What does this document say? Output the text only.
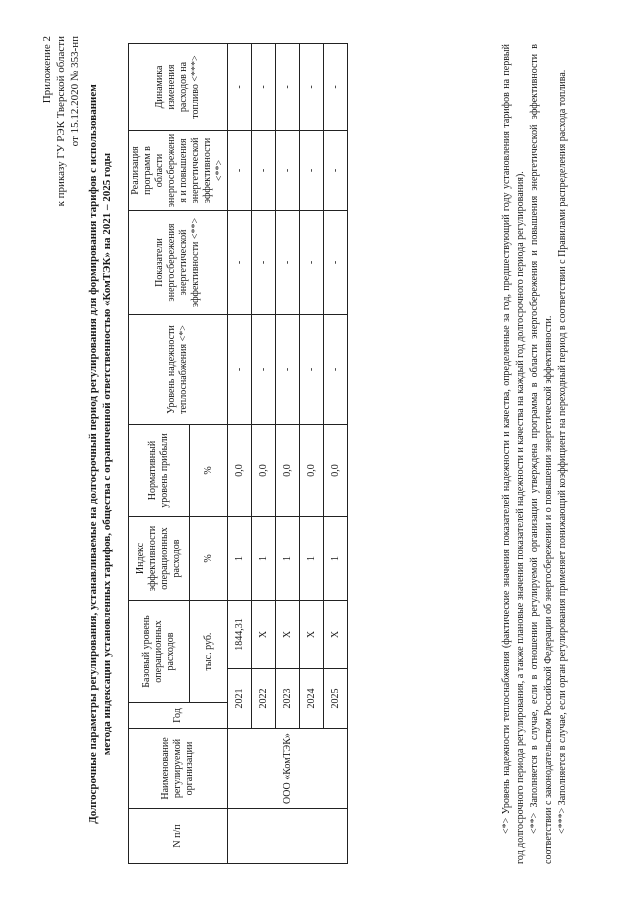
Приложение 2 к приказу ГУ РЭК Тверской области от 15.12.2020 № 353-нп Долгосрочные параметры регулирования, устанавливаемые на долгосрочный период регулирования для формирования тарифов с использованием метода индексации установленных тарифов, общества с ограниченной ответственностью «КомТЭК» на 2021 – 2025 годы
N п/п	Наименование регулируемой организации	Год	Базовый уровень операционных расходов		Индекс эффективности операционных расходов	Нормативный уровень прибыли	Уровень надежности теплоснабжения <*>	Показатели энергосбережения энергетической эффективности <**>	Реализация программ в области энергосбережени я и повышения энергетической эффективности <**>	Динамика изменения расходов на топливо <***>
			тыс. руб.		%	%				
	ООО «КомТЭК»	2021		1844,31	1	0,0	-	-	-	-
		2022		Х	1	0,0	-	-	-	-
		2023		Х	1	0,0	-	-	-	-
		2024		Х	1	0,0	-	-	-	-
		2025		Х	1	0,0	-	-	-	-	<*> Уровень надежности теплоснабжения (фактические значения показателей надежности и качества, определенные за год, предшествующий году установления тарифов на первый год долгосрочного периода регулирования, а также плановые значения показателей надежности и качества на каждый год долгосрочного периода регулирования). <**> Заполняется в случае, если в отношении регулируемой организации утверждена программа в области энергосбережения и повышения энергетической эффективности в соответствии с законодательством Российской Федерации об энергосбережении и о повышении энергетической эффективности. <***> Заполняется в случае, если орган регулирования применяет понижающий коэффициент на переходный период в соответствии с Правилами распределения расхода топлива.
